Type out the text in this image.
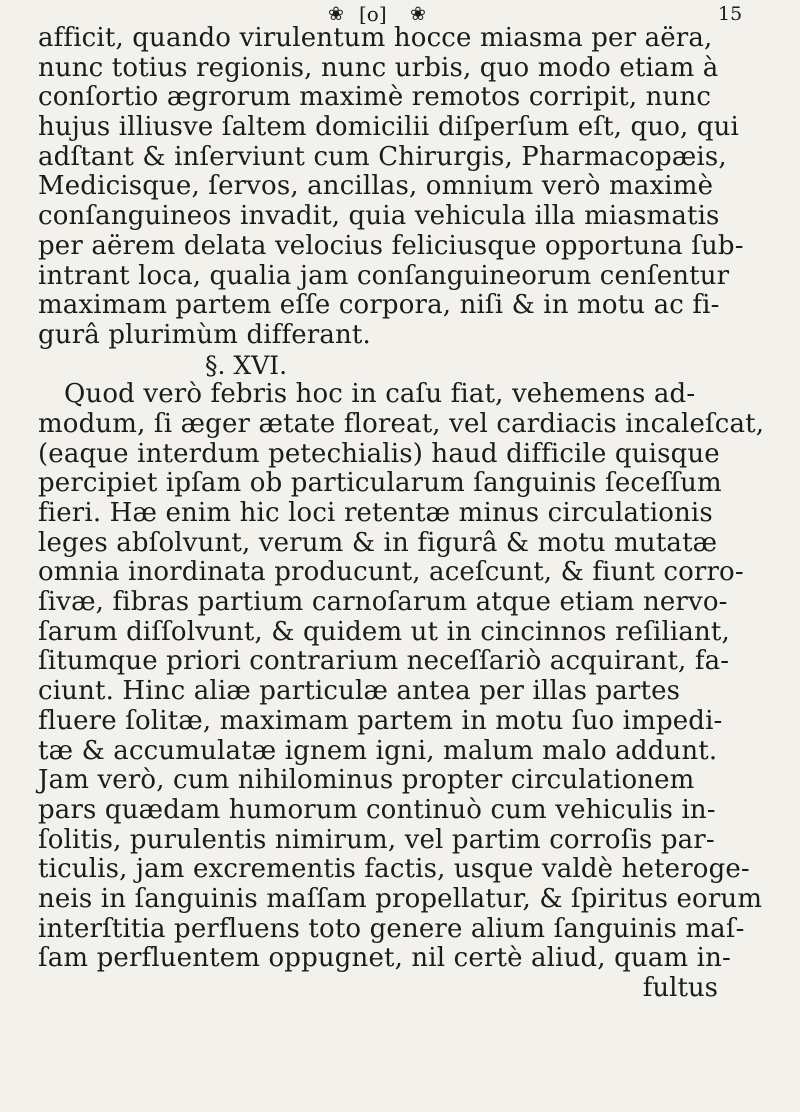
❀ [o] ❀	15
afficit, quando virulentum hocce miasma per aëra,
nunc totius regionis, nunc urbis, quo modo etiam à
conſortio ægrorum maximè remotos corripit, nunc
hujus illiusve ſaltem domicilii diſperſum eſt, quo, qui
adſtant & inſerviunt cum Chirurgis, Pharmacopæis,
Medicisque, ſervos, ancillas, omnium verò maximè
conſanguineos invadit, quia vehicula illa miasmatis
per aërem delata velocius feliciusque opportuna ſub-
intrant loca, qualia jam conſanguineorum cenſentur
maximam partem eſſe corpora, niſi & in motu ac fi-
gurâ plurimùm differant.
§. XVI.
Quod verò febris hoc in caſu fiat, vehemens ad-
modum, ſi æger ætate floreat, vel cardiacis incaleſcat,
(eaque interdum petechialis) haud difficile quisque
percipiet ipſam ob particularum ſanguinis ſeceſſum
fieri. Hæ enim hic loci retentæ minus circulationis
leges abſolvunt, verum & in figurâ & motu mutatæ
omnia inordinata producunt, aceſcunt, & fiunt corro-
ſivæ, fibras partium carnoſarum atque etiam nervo-
ſarum diſſolvunt, & quidem ut in cincinnos reſiliant,
ſitumque priori contrarium neceſſariò acquirant, fa-
ciunt. Hinc aliæ particulæ antea per illas partes
fluere ſolitæ, maximam partem in motu ſuo impedi-
tæ & accumulatæ ignem igni, malum malo addunt.
Jam verò, cum nihilominus propter circulationem
pars quædam humorum continuò cum vehiculis in-
ſolitis, purulentis nimirum, vel partim corroſis par-
ticulis, jam excrementis factis, usque valdè heteroge-
neis in ſanguinis maſſam propellatur, & ſpiritus eorum
interſtitia perfluens toto genere alium ſanguinis maſ-
ſam perfluentem oppugnet, nil certè aliud, quam in-
fultus
